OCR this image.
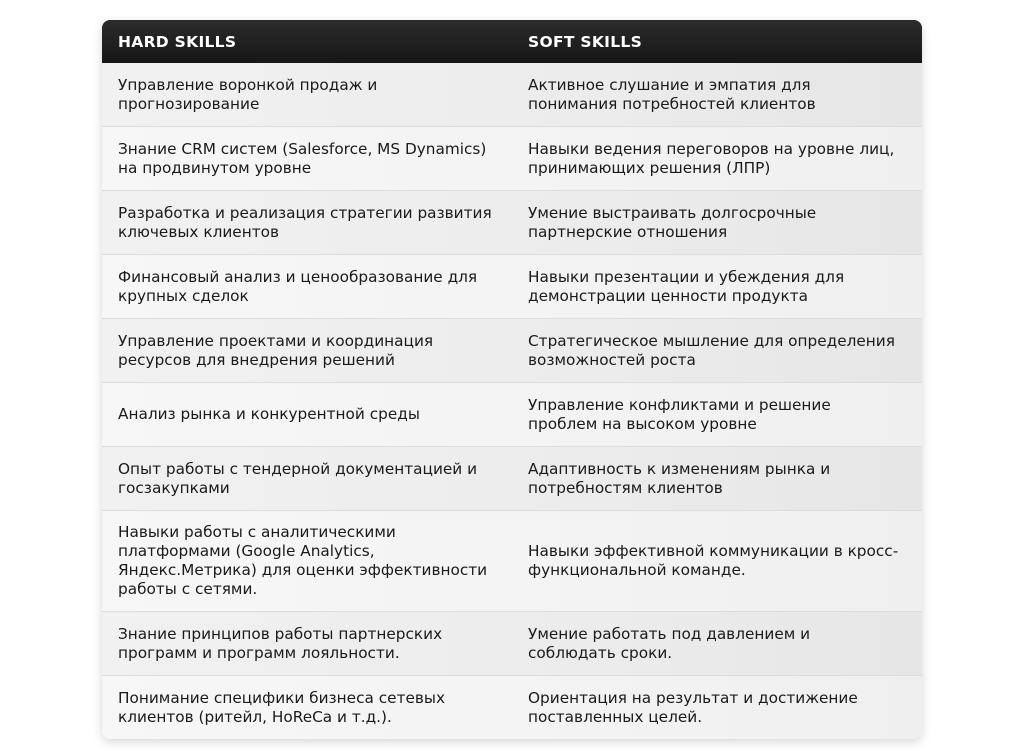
HARD SKILLS	SOFT SKILLS
Управление воронкой продаж и прогнозирование
Активное слушание и эмпатия для понимания потребностей клиентов
Знание CRM систем (Salesforce, MS Dynamics) на продвинутом уровне
Навыки ведения переговоров на уровне лиц, принимающих решения (ЛПР)
Разработка и реализация стратегии развития ключевых клиентов
Умение выстраивать долгосрочные партнерские отношения
Финансовый анализ и ценообразование для крупных сделок
Навыки презентации и убеждения для демонстрации ценности продукта
Управление проектами и координация ресурсов для внедрения решений
Стратегическое мышление для определения возможностей роста
Анализ рынка и конкурентной среды
Управление конфликтами и решение проблем на высоком уровне
Опыт работы с тендерной документацией и госзакупками
Адаптивность к изменениям рынка и потребностям клиентов
Навыки работы с аналитическими платформами (Google Analytics, Яндекс.Метрика) для оценки эффективности работы с сетями.
Навыки эффективной коммуникации в кросс-функциональной команде.
Знание принципов работы партнерских программ и программ лояльности.
Умение работать под давлением и соблюдать сроки.
Понимание специфики бизнеса сетевых клиентов (ритейл, HoReCa и т.д.).
Ориентация на результат и достижение поставленных целей.
